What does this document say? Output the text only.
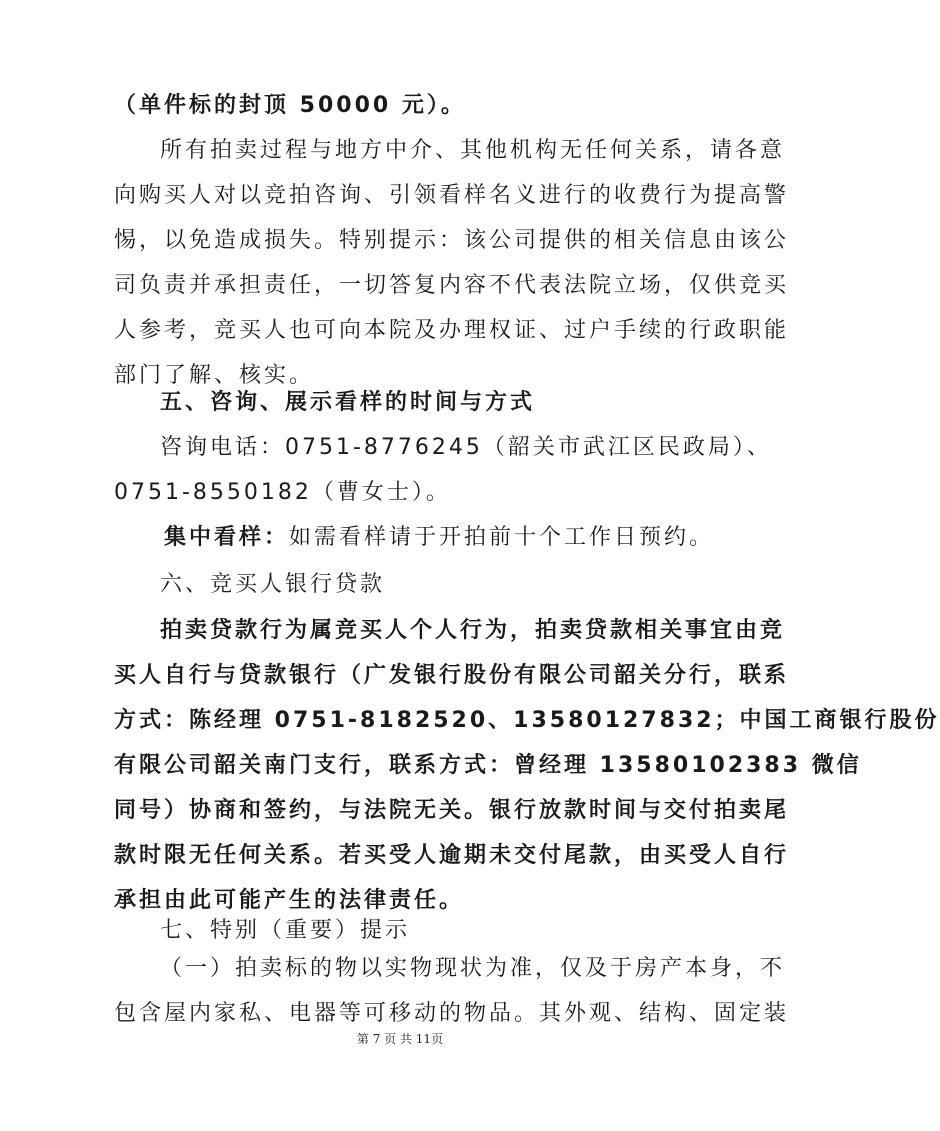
（单件标的封顶 50000 元）。
所有拍卖过程与地方中介、其他机构无任何关系，请各意
向购买人对以竞拍咨询、引领看样名义进行的收费行为提高警
惕，以免造成损失。特别提示：该公司提供的相关信息由该公
司负责并承担责任，一切答复内容不代表法院立场，仅供竞买
人参考，竞买人也可向本院及办理权证、过户手续的行政职能
部门了解、核实。
五、咨询、展示看样的时间与方式
咨询电话：0751-8776245（韶关市武江区民政局）、
0751-8550182（曹女士）。
集中看样：如需看样请于开拍前十个工作日预约。
六、竞买人银行贷款
拍卖贷款行为属竞买人个人行为，拍卖贷款相关事宜由竞
买人自行与贷款银行（广发银行股份有限公司韶关分行，联系
方式：陈经理 0751-8182520、13580127832；中国工商银行股份
有限公司韶关南门支行，联系方式：曾经理 13580102383 微信
同号）协商和签约，与法院无关。银行放款时间与交付拍卖尾
款时限无任何关系。若买受人逾期未交付尾款，由买受人自行
承担由此可能产生的法律责任。
七、特别（重要）提示
（一）拍卖标的物以实物现状为准，仅及于房产本身，不
包含屋内家私、电器等可移动的物品。其外观、结构、固定装
第 7 页 共 11页
